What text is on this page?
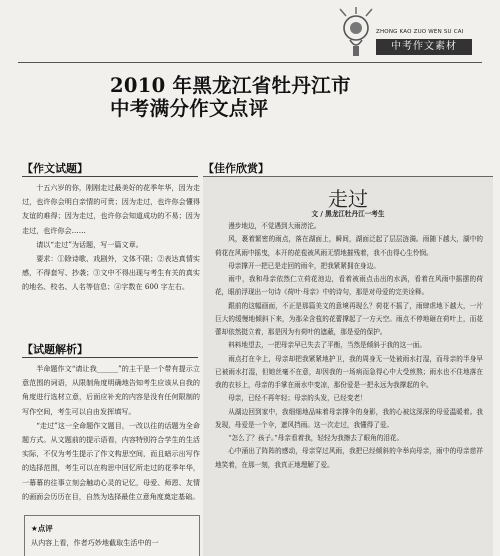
ZHONG KAO ZUO WEN SU CAI
中考作文素材
2010 年黑龙江省牡丹江市
中考满分作文点评
【作文试题】

十五六岁的你，刚刚走过最美好的花季年华，因为走过，也许你会明白亲情的可贵；因为走过，也许你会懂得友谊的难得；因为走过，也许你会知道成功的不易；因为走过，也许你会……

请以“走过”为话题，写一篇文章。

要求：①除诗歌、戏剧外，文体不限；②表达真情实感，不得套写、抄袭；③文中不得出现与考生有关的真实的地名、校名、人名等信息；④字数在 600 字左右。

【试题解析】

半命题作文“请让我______”的主干是一个带有提示立意范围的词语，从限制角度明确地告知考生应该从自我的角度进行选材立意，后面应补充的内容是没有任何限制的写作空间，考生可以自由发挥填写。

“走过”这一全命题作文题目，一改以往的话题为全命题方式。从文题前的提示语看，内容特别符合学生的生活实际，不仅为考生提示了作文构思空间，而且暗示出写作的选择范围，考生可以在构思中回忆所走过的花季年华，一幕幕的往事立刻会触动心灵的记忆，母爱、师恩、友情的画面会历历在目，自然为选择最佳立意角度奠定基础。

★点评
从内容上看，作者巧妙地截取生活中的一
【佳作欣赏】
走过
文 / 黑龙江牡丹江一考生

漫步地边，不觉遇到大雨滂沱。

风，裹着繁密的雨点，落在湖面上，瞬间，湖面泛起了层层涟漪。雨随下越大，湖中的荷花在风雨中摇曳，本开的花苞被风雨无情地摧残着，我不由得心生怜悯。

母亲撑开一把已是走回的雨伞，把我紧紧拥在身边。

雨中，我和母亲依然仁立荷花池边，看着被雨点击出的水涡，看着在风雨中摇摆的荷花，眼前浮现出一句诗《荷叶·母亲》中的诗句，那是对母爱的完美诠释。

跟前的这幅画面，不正是那篇美文的意境再现么？荷花不摇了，雨肆虐地下越大，一片巨大的缓慢地倾斜下来，为那朵含苞的花蕾撑起了一方天空。雨点不停地砸在荷叶上，而花蕾却依然挺立着，那是因为有荷叶的遮蔽，那是爱的保护。

料料地望去，一把母亲早已失去了平衡，当然是倾斜于我的这一面。

雨点打在伞上，母亲却把我紧紧地护卫，我的周身无一处被雨水打湿，而母亲的半身早已被雨水打湿，但她丝毫不在意，却因我的一场病而急得心中大受煎熬；雨水也不住地落在我的衣衫上，母亲的手掌在雨水中变凉，那份爱是一把永远为我撑起的伞。

母亲，已经不再年轻；母亲的头发，已经变老！

从湖边回到家中，我细细地品味着母亲撑伞的身影，我的心被这深深的母爱温暖着。我发现，母爱是一个伞，遮风挡雨。这一次走过，我懂得了爱。

“怎么了？孩子。”母亲看着我，轻轻为我擦去了眼角的泪花。

心中涌出了阵阵的感动，母亲穿过风雨，我把已经倾斜的伞举向母亲，雨中的母亲慈祥地笑着，在那一刻，我真正地理解了爱。
